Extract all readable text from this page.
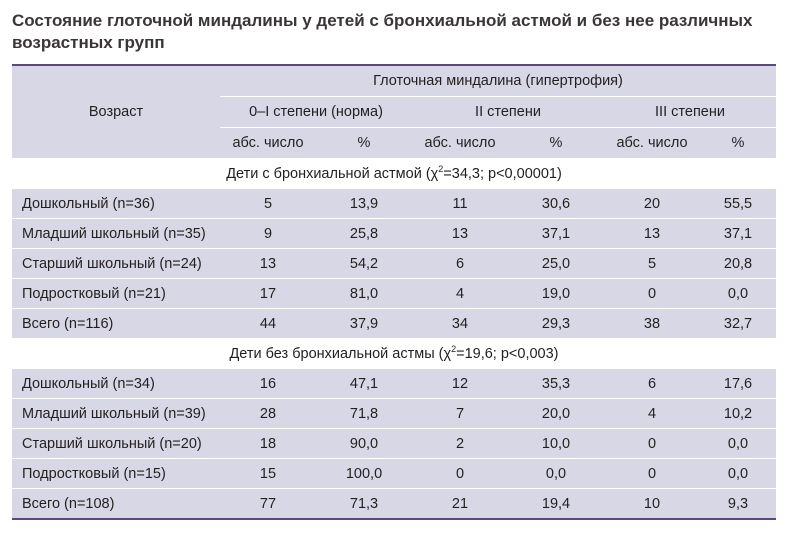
Состояние глоточной миндалины у детей с бронхиальной астмой и без нее различных возрастных групп
Возраст	Глоточная миндалина (гипертрофия)					
	0–I степени (норма)		II степени		III степени	
	абс. число	%	абс. число	%	абс. число	%
Дети с бронхиальной астмой ($\chi^2=34,3$; p<0,00001)						
Дошкольный (n=36)	5	13,9	11	30,6	20	55,5
Младший школьный (n=35)	9	25,8	13	37,1	13	37,1
Старший школьный (n=24)	13	54,2	6	25,0	5	20,8
Подростковый (n=21)	17	81,0	4	19,0	0	0,0
Всего (n=116)	44	37,9	34	29,3	38	32,7
Дети без бронхиальной астмы ($\chi^2=19,6$; p<0,003)						
Дошкольный (n=34)	16	47,1	12	35,3	6	17,6
Младший школьный (n=39)	28	71,8	7	20,0	4	10,2
Старший школьный (n=20)	18	90,0	2	10,0	0	0,0
Подростковый (n=15)	15	100,0	0	0,0	0	0,0
Всего (n=108)	77	71,3	21	19,4	10	9,3
